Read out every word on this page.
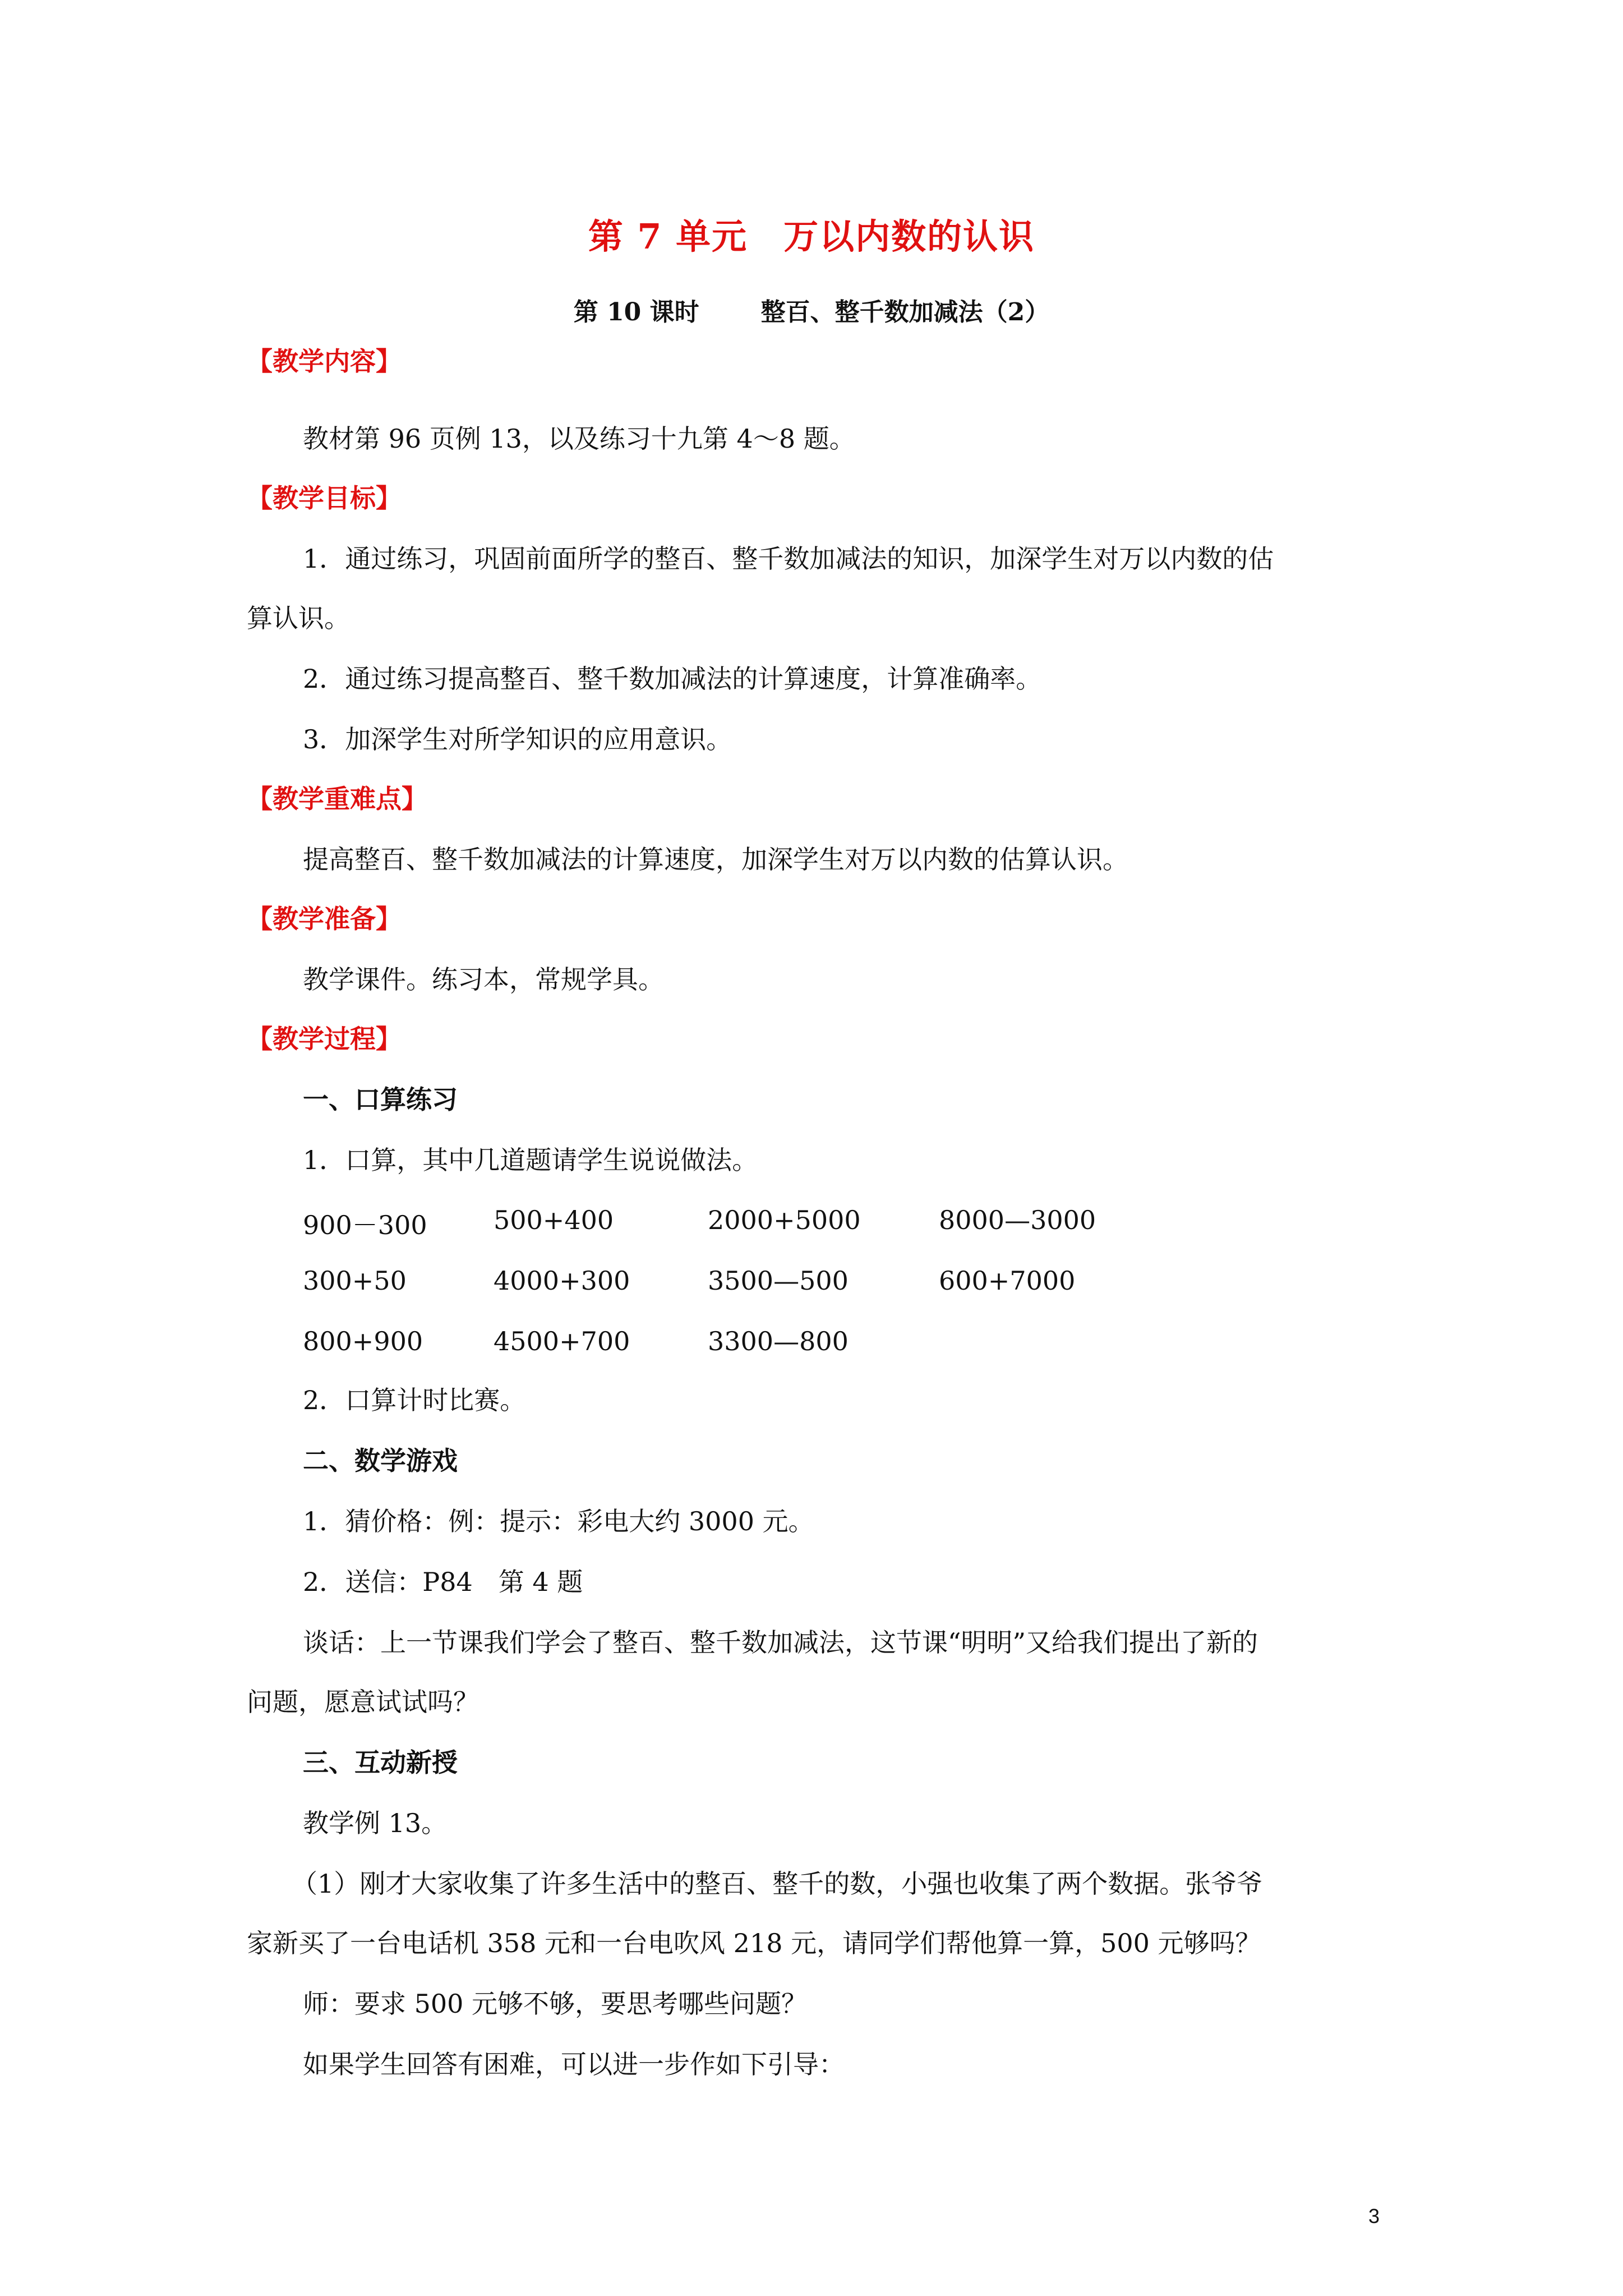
第 7 单元　万以内数的认识
第 10 课时	整百、整千数加减法（2）
【教学内容】
教材第 96 页例 13，以及练习十九第 4～8 题。
【教学目标】
1．通过练习，巩固前面所学的整百、整千数加减法的知识，加深学生对万以内数的估
算认识。
2．通过练习提高整百、整千数加减法的计算速度，计算准确率。
3．加深学生对所学知识的应用意识。
【教学重难点】
提高整百、整千数加减法的计算速度，加深学生对万以内数的估算认识。
【教学准备】
教学课件。练习本，常规学具。
【教学过程】
一、口算练习
1．口算，其中几道题请学生说说做法。
900－300	500+400	2000+5000	8000—3000
300+50	4000+300	3500—500	600+7000
800+900	4500+700	3300—800
2．口算计时比赛。
二、数学游戏
1．猜价格：例：提示：彩电大约 3000 元。
2．送信：P84　第 4 题
谈话：上一节课我们学会了整百、整千数加减法，这节课“明明”又给我们提出了新的
问题，愿意试试吗？
三、互动新授
教学例 13。
（1）刚才大家收集了许多生活中的整百、整千的数，小强也收集了两个数据。张爷爷
家新买了一台电话机 358 元和一台电吹风 218 元，请同学们帮他算一算，500 元够吗？
师：要求 500 元够不够，要思考哪些问题？
如果学生回答有困难，可以进一步作如下引导：
3
